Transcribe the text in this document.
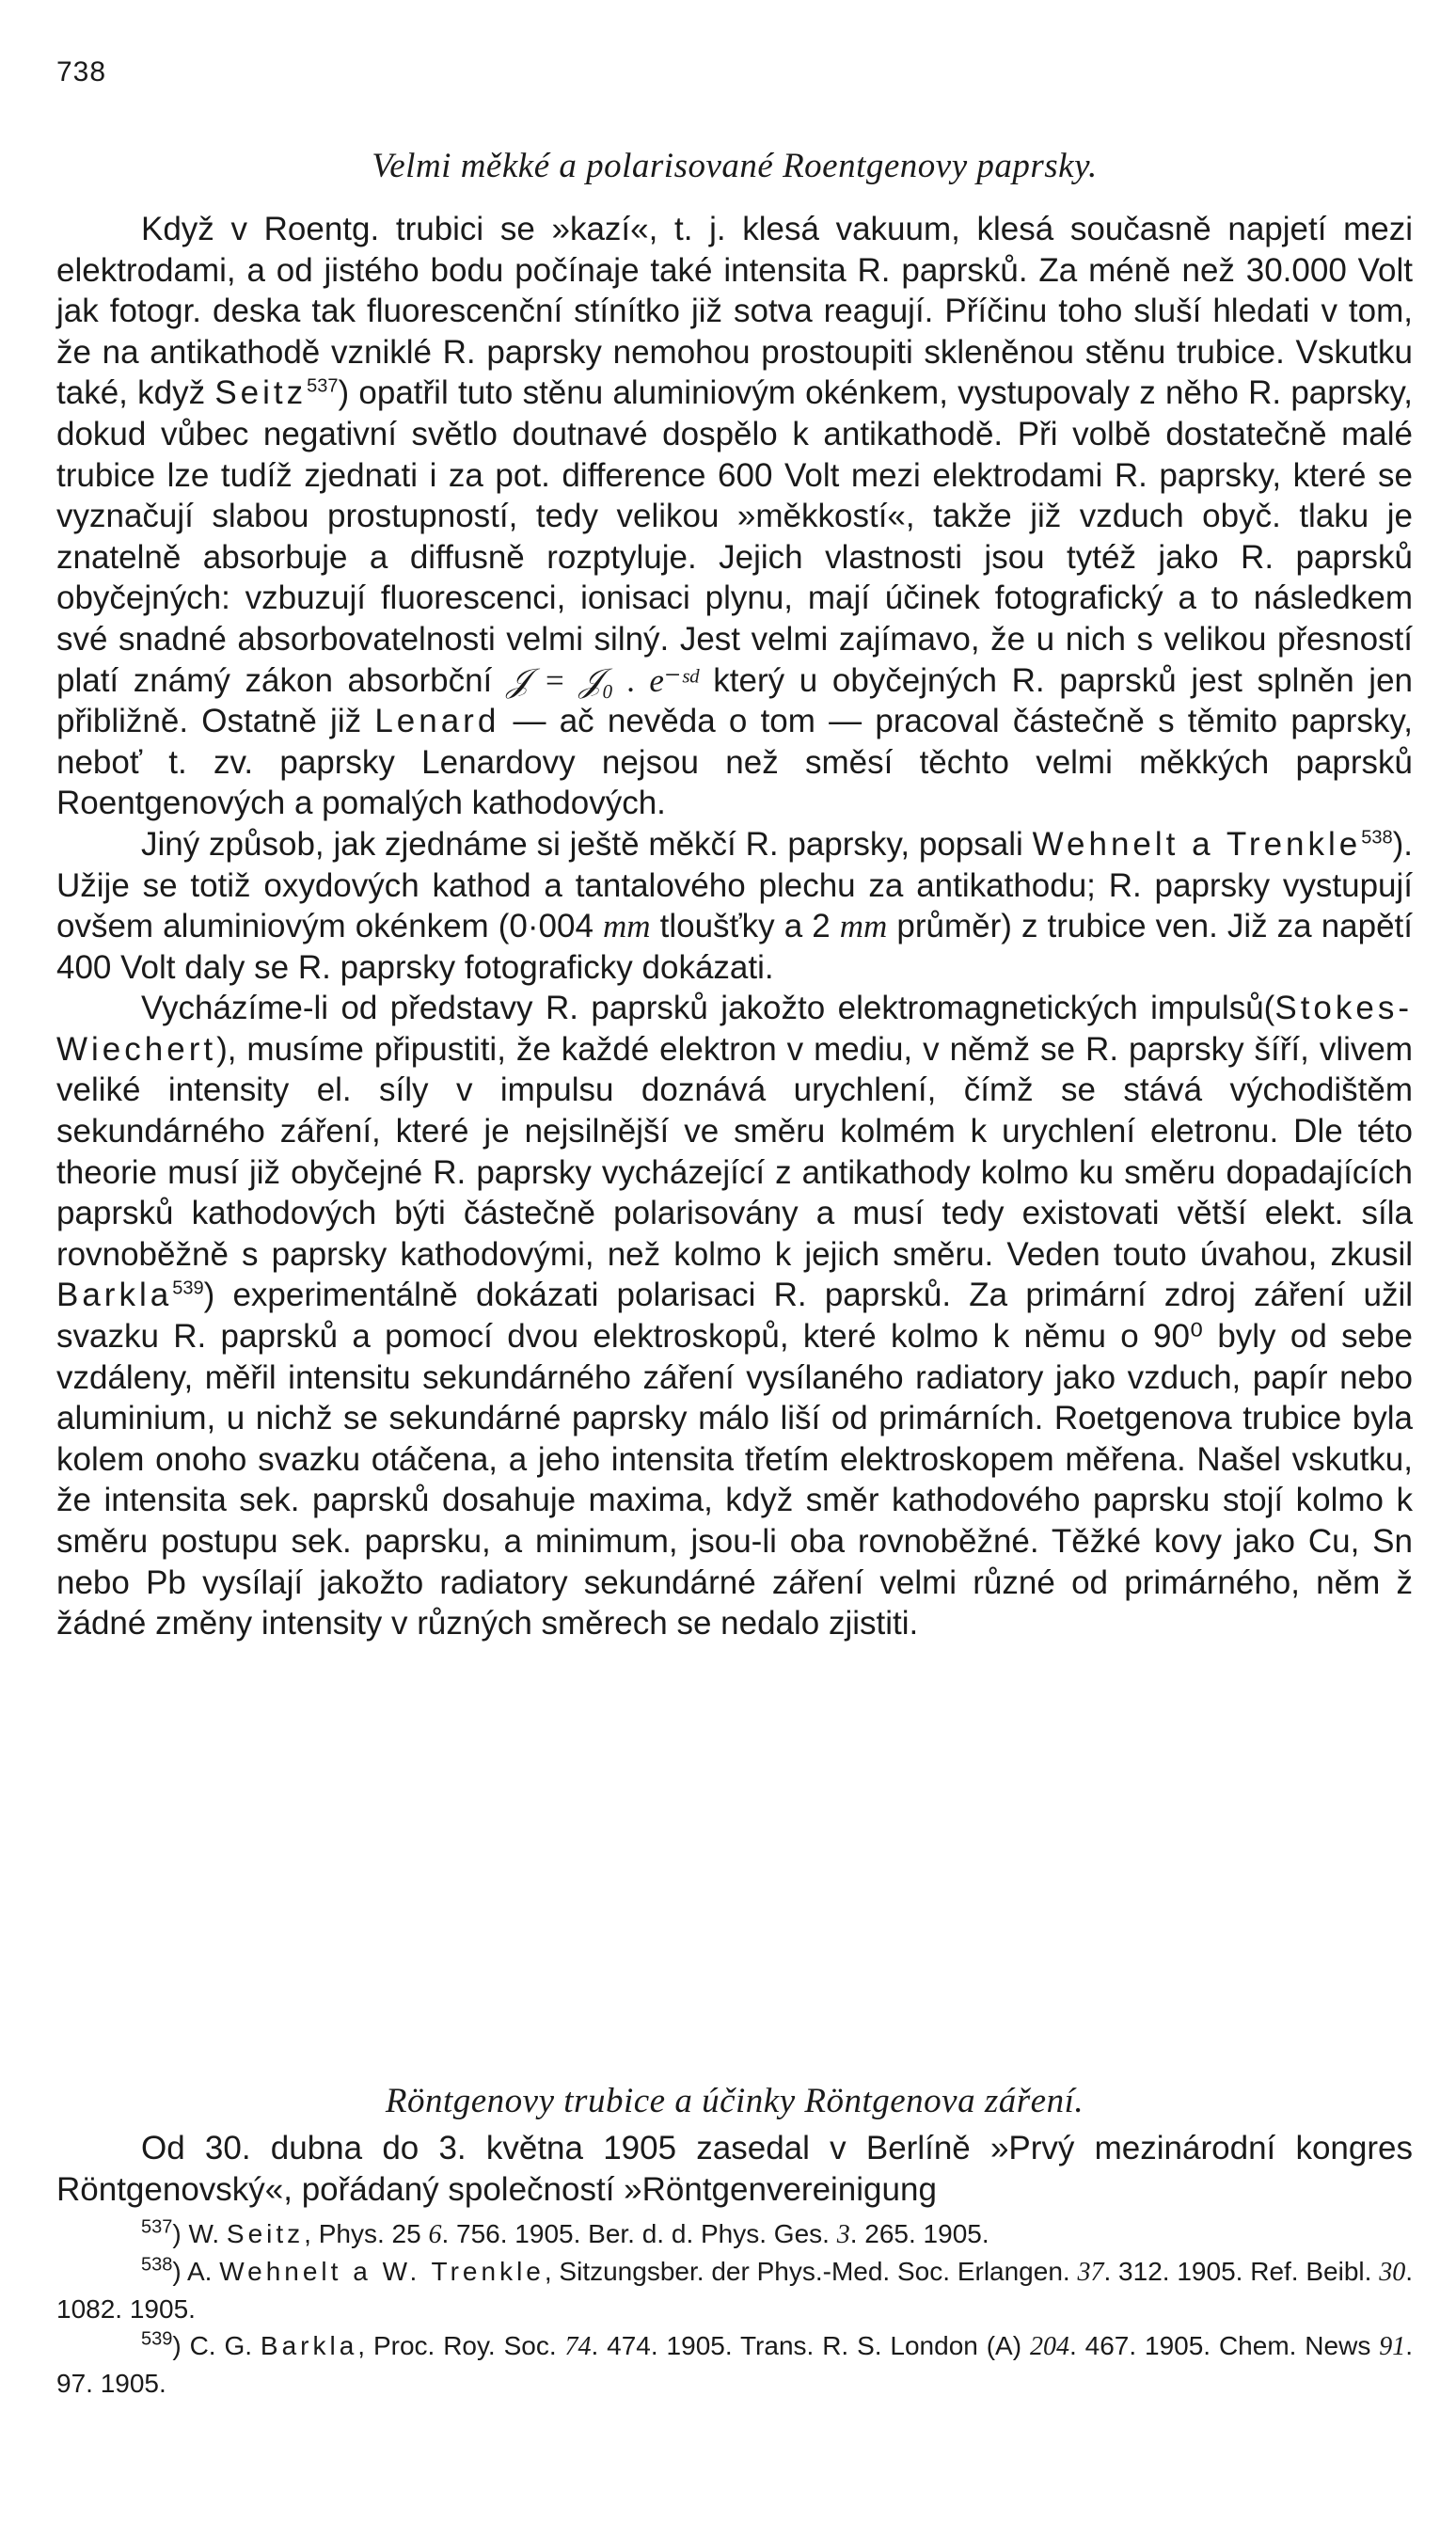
738
Velmi měkké a polarisované Roentgenovy paprsky.

Když v Roentg. trubici se »kazí«, t. j. klesá vakuum, klesá současně napjetí mezi elektrodami, a od jistého bodu počínaje také intensita R. paprsků. Za méně než 30.000 Volt jak fotogr. deska tak fluorescenční stínítko již sotva reagují. Příčinu toho sluší hledati v tom, že na antikathodě vzniklé R. paprsky nemohou prostoupiti skleněnou stěnu trubice. Vskutku také, když Seitz$^{537}$) opatřil tuto stěnu aluminiovým okénkem, vystupovaly z něho R. paprsky, dokud vůbec negativní světlo doutnavé dospělo k antikathodě. Při volbě dostatečně malé trubice lze tudíž zjednati i za pot. difference 600 Volt mezi elektrodami R. paprsky, které se vyznačují slabou prostupností, tedy velikou »měkkostí«, takže již vzduch obyč. tlaku je znatelně absorbuje a diffusně rozptyluje. Jejich vlastnosti jsou tytéž jako R. paprsků obyčejných: vzbuzují fluorescenci, ionisaci plynu, mají účinek fotografický a to následkem své snadné absorbovatelnosti velmi silný. Jest velmi zajímavo, že u nich s velikou přesností platí známý zákon absorbční 𝒥 = 𝒥₀ . e⁻ˢᵈ který u obyčejných R. paprsků jest splněn jen přibližně. Ostatně již Lenard — ač nevěda o tom — pracoval částečně s těmito paprsky, neboť t. zv. paprsky Lenardovy nejsou než směsí těchto velmi měkkých paprsků Roentgenových a pomalých kathodových.

Jiný způsob, jak zjednáme si ještě měkčí R. paprsky, popsali Wehnelt a Trenkle$^{538}$). Užije se totiž oxydových kathod a tantalového plechu za antikathodu; R. paprsky vystupují ovšem aluminiovým okénkem (0·004 mm tloušťky a 2 mm průměr) z trubice ven. Již za napětí 400 Volt daly se R. paprsky fotograficky dokázati.

Vycházíme-li od představy R. paprsků jakožto elektromagnetických impulsů(Stokes-Wiechert), musíme připustiti, že každé elektron v mediu, v němž se R. paprsky šíří, vlivem veliké intensity el. síly v impulsu doznává urychlení, čímž se stává východištěm sekundárného záření, které je nejsilnější ve směru kolmém k urychlení eletronu. Dle této theorie musí již obyčejné R. paprsky vycházející z antikathody kolmo ku směru dopadajících paprsků kathodových býti částečně polarisovány a musí tedy existovati větší elekt. síla rovnoběžně s paprsky kathodovými, než kolmo k jejich směru. Veden touto úvahou, zkusil Barkla$^{539}$) experimentálně dokázati polarisaci R. paprsků. Za primární zdroj záření užil svazku R. paprsků a pomocí dvou elektroskopů, které kolmo k němu o 90⁰ byly od sebe vzdáleny, měřil intensitu sekundárného záření vysílaného radiatory jako vzduch, papír nebo aluminium, u nichž se sekundárné paprsky málo liší od primárních. Roetgenova trubice byla kolem onoho svazku otáčena, a jeho intensita třetím elektroskopem měřena. Našel vskutku, že intensita sek. paprsků dosahuje maxima, když směr kathodového paprsku stojí kolmo k směru postupu sek. paprsku, a minimum, jsou-li oba rovnoběžné. Těžké kovy jako Cu, Sn nebo Pb vysílají jakožto radiatory sekundárné záření velmi různé od primárného, něm ž žádné změny intensity v různých směrech se nedalo zjistiti.

Röntgenovy trubice a účinky Röntgenova záření.

Od 30. dubna do 3. května 1905 zasedal v Berlíně »Prvý mezinárodní kongres Röntgenovský«, pořádaný společností »Röntgenvereinigung

$^{537}$) W. Seitz, Phys. 25 6. 756. 1905. Ber. d. d. Phys. Ges. 3. 265. 1905.

$^{538}$) A. Wehnelt a W. Trenkle, Sitzungsber. der Phys.-Med. Soc. Erlangen. 37. 312. 1905. Ref. Beibl. 30. 1082. 1905.

$^{539}$) C. G. Barkla, Proc. Roy. Soc. 74. 474. 1905. Trans. R. S. London (A) 204. 467. 1905. Chem. News 91. 97. 1905.
